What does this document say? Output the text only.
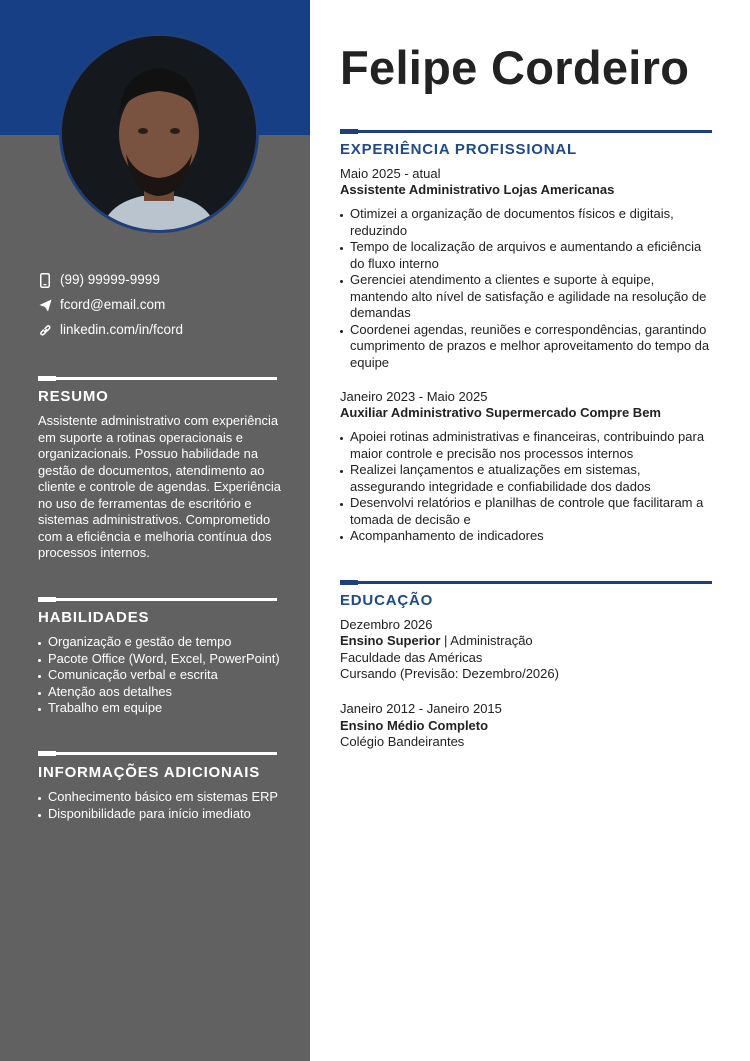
(99) 99999-9999
fcord@email.com
linkedin.com/in/fcord
RESUMO
Assistente administrativo com experiência em suporte a rotinas operacionais e organizacionais. Possuo habilidade na gestão de documentos, atendimento ao cliente e controle de agendas. Experiência no uso de ferramentas de escritório e sistemas administrativos. Comprometido com a eficiência e melhoria contínua dos processos internos.
HABILIDADES
Organização e gestão de tempo
Pacote Office (Word, Excel, PowerPoint)
Comunicação verbal e escrita
Atenção aos detalhes
Trabalho em equipe
INFORMAÇÕES ADICIONAIS
Conhecimento básico em sistemas ERP
Disponibilidade para início imediato
Felipe Cordeiro
EXPERIÊNCIA PROFISSIONAL
Maio 2025 - atual
Assistente Administrativo Lojas Americanas
Otimizei a organização de documentos físicos e digitais, reduzindo
Tempo de localização de arquivos e aumentando a eficiência do fluxo interno
Gerenciei atendimento a clientes e suporte à equipe, mantendo alto nível de satisfação e agilidade na resolução de demandas
Coordenei agendas, reuniões e correspondências, garantindo cumprimento de prazos e melhor aproveitamento do tempo da equipe
Janeiro 2023 - Maio 2025
Auxiliar Administrativo Supermercado Compre Bem
Apoiei rotinas administrativas e financeiras, contribuindo para maior controle e precisão nos processos internos
Realizei lançamentos e atualizações em sistemas, assegurando integridade e confiabilidade dos dados
Desenvolvi relatórios e planilhas de controle que facilitaram a tomada de decisão e
Acompanhamento de indicadores
EDUCAÇÃO
Dezembro 2026
Ensino Superior | Administração
Faculdade das Américas
Cursando (Previsão: Dezembro/2026)
Janeiro 2012 - Janeiro 2015
Ensino Médio Completo
Colégio Bandeirantes
